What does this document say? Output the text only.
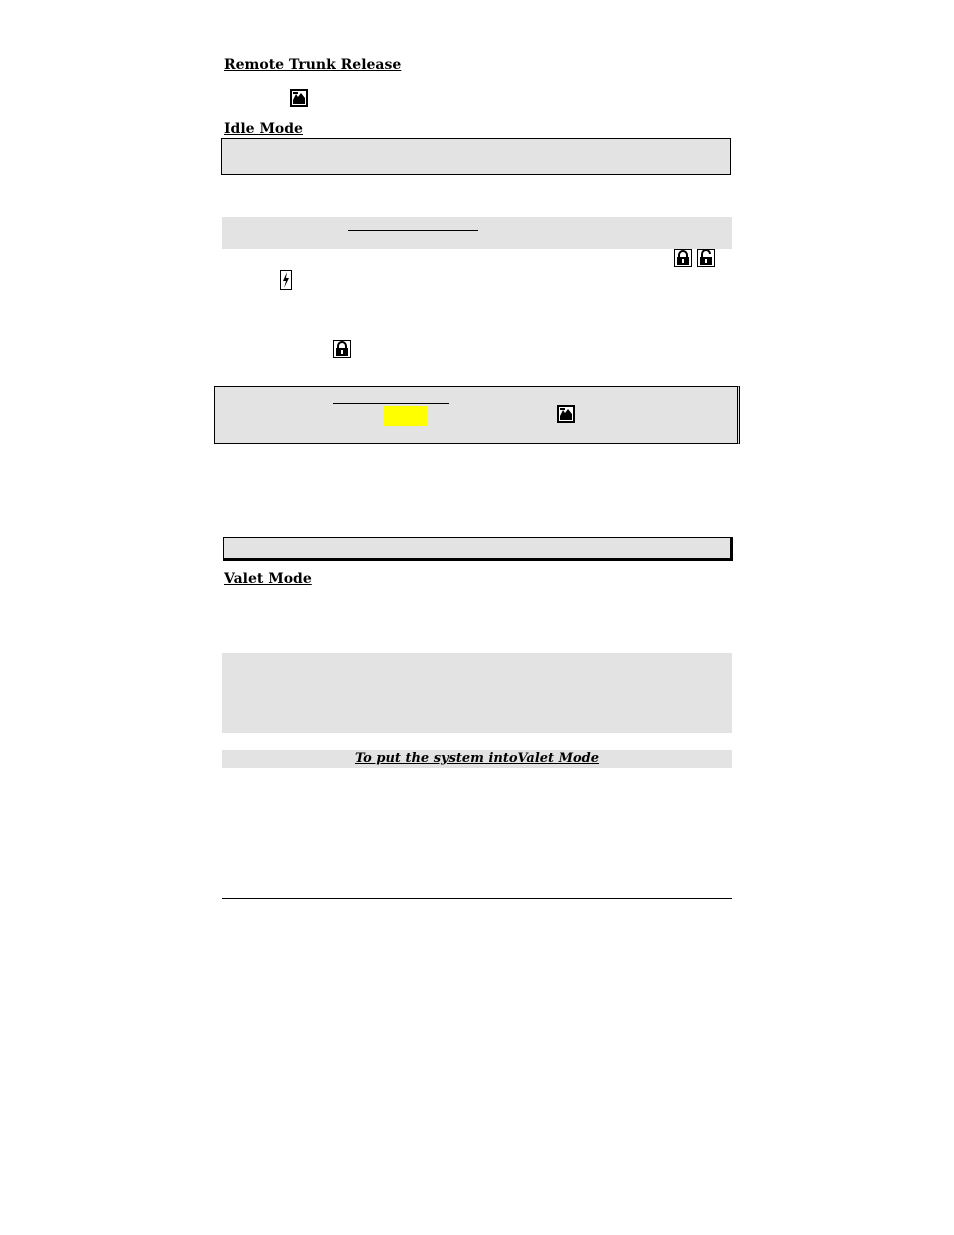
Remote Trunk Release
Idle Mode
Valet Mode
To put the system intoValet Mode
